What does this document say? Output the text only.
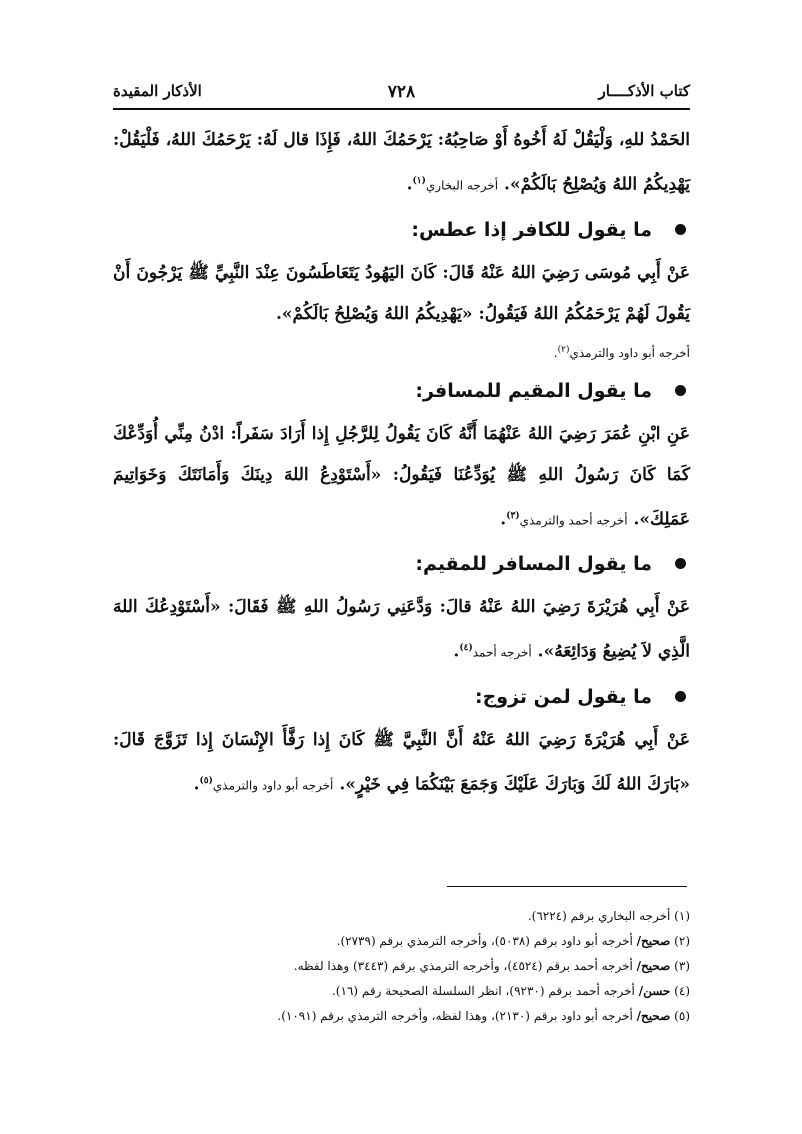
كتاب الأذكــــار
٧٢٨
الأذكار المقيدة

الحَمْدُ للهِ، وَلْيَقُلْ لَهُ أَخُوهُ أَوْ صَاحِبُهُ: يَرْحَمُكَ اللهُ، فَإِذَا قال لَهُ: يَرْحَمُكَ اللهُ، فَلْيَقُلْ: يَهْدِيكُمُ اللهُ وَيُصْلِحُ بَالَكُمْ». أخرجه البخاري$^{(١)}$.

ما يقول للكافر إذا عطس:

عَنْ أَبِي مُوسَى رَضِيَ اللهُ عَنْهُ قَالَ: كَانَ اليَهُودُ يَتَعَاطَسُونَ عِنْدَ النَّبِيِّ ﷺ يَرْجُونَ أَنْ يَقُولَ لَهُمْ يَرْحَمُكُمُ اللهُ فَيَقُولُ: «يَهْدِيكُمُ اللهُ وَيُصْلِحُ بَالَكُمْ».

أخرجه أبو داود والترمذي$^{(٢)}$.
ما يقول المقيم للمسافر:

عَنِ ابْنِ عُمَرَ رَضِيَ اللهُ عَنْهُمَا أَنَّهُ كَانَ يَقُولُ لِلرَّجُلِ إِذا أَرَادَ سَفَراً: ادْنُ مِنِّي أُوَدِّعْكَ كَمَا كَانَ رَسُولُ اللهِ ﷺ يُوَدِّعُنَا فَيَقُولُ: «أَسْتَوْدِعُ اللهَ دِينَكَ وَأَمَانَتَكَ وَخَوَاتِيمَ عَمَلِكَ». أخرجه أحمد والترمذي$^{(٣)}$.

ما يقول المسافر للمقيم:

عَنْ أَبِي هُرَيْرَةَ رَضِيَ اللهُ عَنْهُ قالَ: وَدَّعَنِي رَسُولُ اللهِ ﷺ فَقَالَ: «أَسْتَوْدِعُكَ اللهَ الَّذِي لاَ يُضِيعُ وَدَائِعَهُ». أخرجه أحمد$^{(٤)}$.

ما يقول لمن تزوج:

عَنْ أَبِي هُرَيْرَةَ رَضِيَ اللهُ عَنْهُ أَنَّ النَّبِيَّ ﷺ كَانَ إِذا رَفَّأَ الإِنْسَانَ إِذا تَزَوَّجَ قَالَ: «بَارَكَ اللهُ لَكَ وَبَارَكَ عَلَيْكَ وَجَمَعَ بَيْنَكُمَا فِي خَيْرٍ». أخرجه أبو داود والترمذي$^{(٥)}$.

(١) أخرجه البخاري برقم (٦٢٢٤).
(٢) صحيح/ أخرجه أبو داود برقم (٥٠٣٨)، وأخرجه الترمذي برقم (٢٧٣٩).
(٣) صحيح/ أخرجه أحمد برقم (٤٥٢٤)، وأخرجه الترمذي برقم (٣٤٤٣) وهذا لفظه.
(٤) حسن/ أخرجه أحمد برقم (٩٢٣٠)، انظر السلسلة الصحيحة رقم (١٦).
(٥) صحيح/ أخرجه أبو داود برقم (٢١٣٠)، وهذا لفظه، وأخرجه الترمذي برقم (١٠٩١).
